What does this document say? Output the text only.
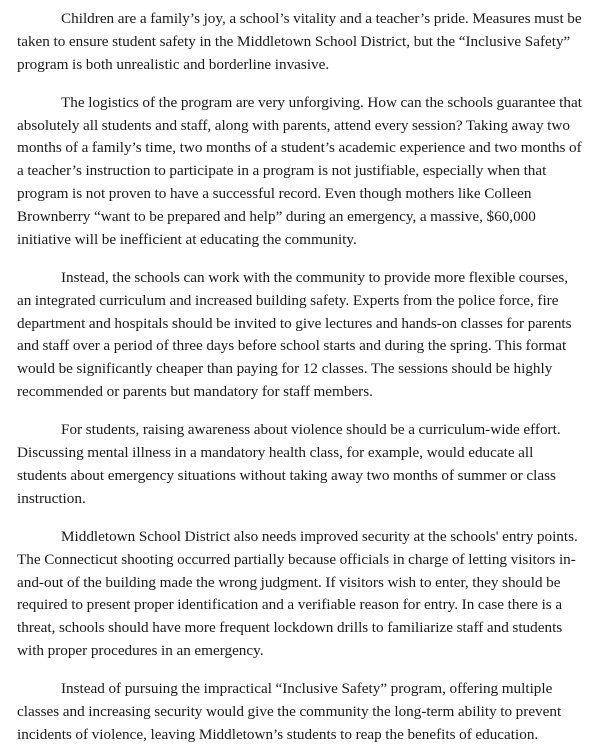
Children are a family’s joy, a school’s vitality and a teacher’s pride. Measures must be taken to ensure student safety in the Middletown School District, but the “Inclusive Safety” program is both unrealistic and borderline invasive.

The logistics of the program are very unforgiving. How can the schools guarantee that absolutely all students and staff, along with parents, attend every session? Taking away two months of a family’s time, two months of a student’s academic experience and two months of a teacher’s instruction to participate in a program is not justifiable, especially when that program is not proven to have a successful record. Even though mothers like Colleen Brownberry “want to be prepared and help” during an emergency, a massive, $60,000 initiative will be inefficient at educating the community.

Instead, the schools can work with the community to provide more flexible courses, an integrated curriculum and increased building safety. Experts from the police force, fire department and hospitals should be invited to give lectures and hands-on classes for parents and staff over a period of three days before school starts and during the spring. This format would be significantly cheaper than paying for 12 classes. The sessions should be highly recommended or parents but mandatory for staff members.

For students, raising awareness about violence should be a curriculum-wide effort. Discussing mental illness in a mandatory health class, for example, would educate all students about emergency situations without taking away two months of summer or class instruction.

Middletown School District also needs improved security at the schools' entry points. The Connecticut shooting occurred partially because officials in charge of letting visitors in-and-out of the building made the wrong judgment. If visitors wish to enter, they should be required to present proper identification and a verifiable reason for entry. In case there is a threat, schools should have more frequent lockdown drills to familiarize staff and students with proper procedures in an emergency.

Instead of pursuing the impractical “Inclusive Safety” program, offering multiple classes and increasing security would give the community the long-term ability to prevent incidents of violence, leaving Middletown’s students to reap the benefits of education.
